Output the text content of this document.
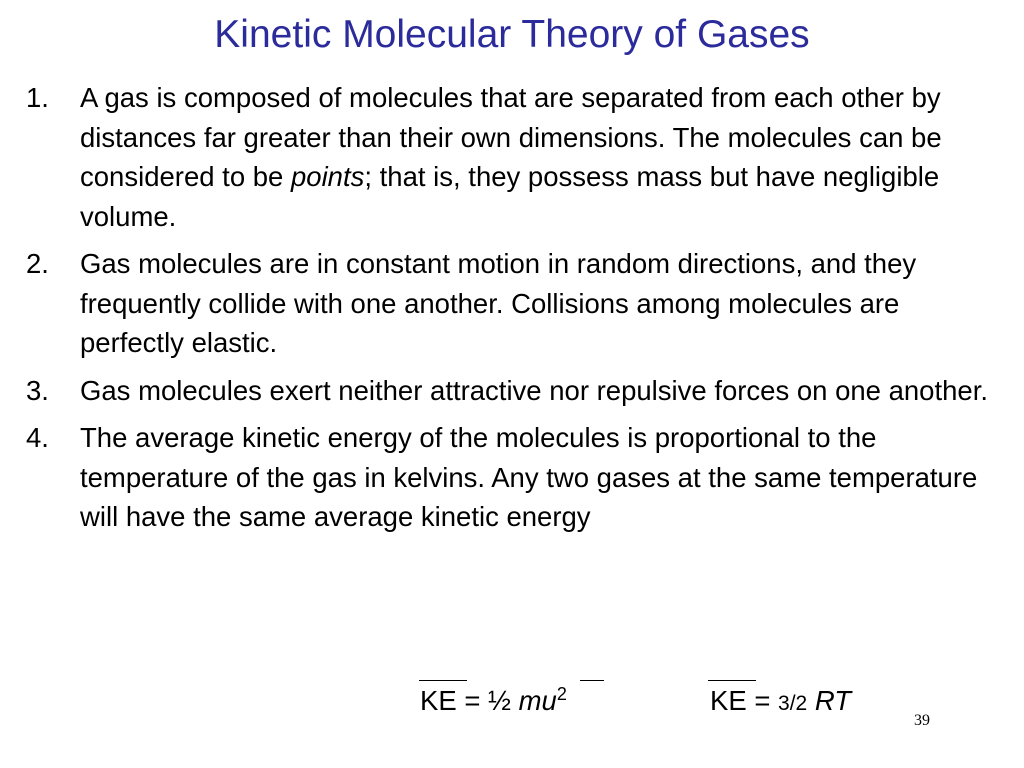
Kinetic Molecular Theory of Gases
1. A gas is composed of molecules that are separated from each other by distances far greater than their own dimensions. The molecules can be considered to be points; that is, they possess mass but have negligible volume.
2. Gas molecules are in constant motion in random directions, and they frequently collide with one another. Collisions among molecules are perfectly elastic.
3. Gas molecules exert neither attractive nor repulsive forces on one another.
4. The average kinetic energy of the molecules is proportional to the temperature of the gas in kelvins. Any two gases at the same temperature will have the same average kinetic energy
KE = ½ $mu^2$	KE = 3/2 RT
39
